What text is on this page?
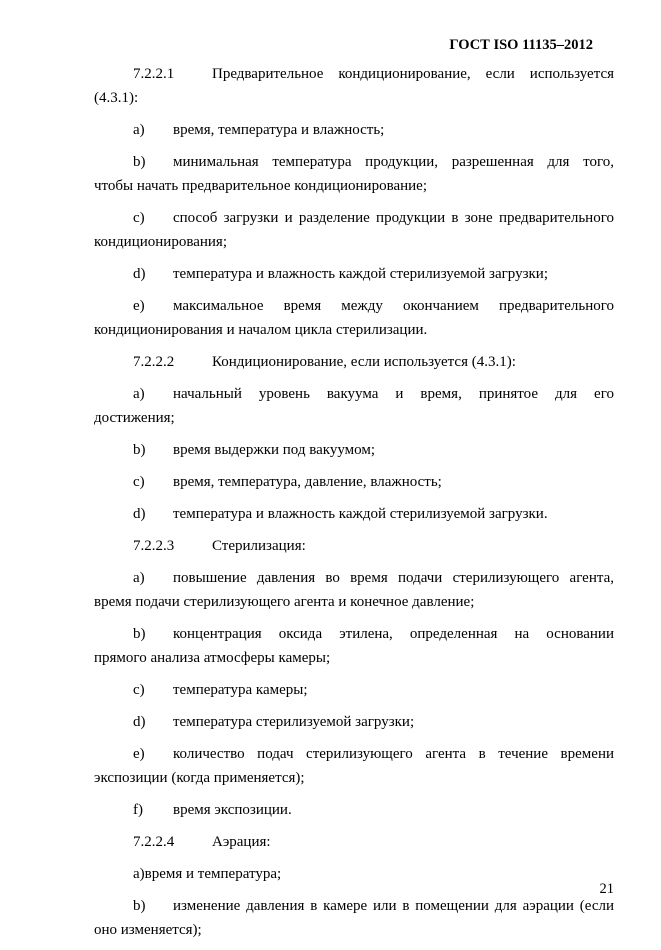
ГОСТ ISO 11135–2012
7.2.2.1	Предварительное кондиционирование, если используется
(4.3.1):
a) время, температура и влажность;
b) минимальная температура продукции, разрешенная для того,
чтобы начать предварительное кондиционирование;
c) способ загрузки и разделение продукции в зоне предварительного
кондиционирования;
d) температура и влажность каждой стерилизуемой загрузки;
e) максимальное время между окончанием предварительного
кондиционирования и началом цикла стерилизации.
7.2.2.2	Кондиционирование, если используется (4.3.1):
a) начальный уровень вакуума и время, принятое для его
достижения;
b) время выдержки под вакуумом;
c) время, температура, давление, влажность;
d) температура и влажность каждой стерилизуемой загрузки.
7.2.2.3	Стерилизация:
a) повышение давления во время подачи стерилизующего агента,
время подачи стерилизующего агента и конечное давление;
b) концентрация оксида этилена, определенная на основании
прямого анализа атмосферы камеры;
c) температура камеры;
d) температура стерилизуемой загрузки;
e) количество подач стерилизующего агента в течение времени
экспозиции (когда применяется);
f) время экспозиции.
7.2.2.4	Аэрация:
a)время и температура;
b) изменение давления в камере или в помещении для аэрации (если
оно изменяется);
21
